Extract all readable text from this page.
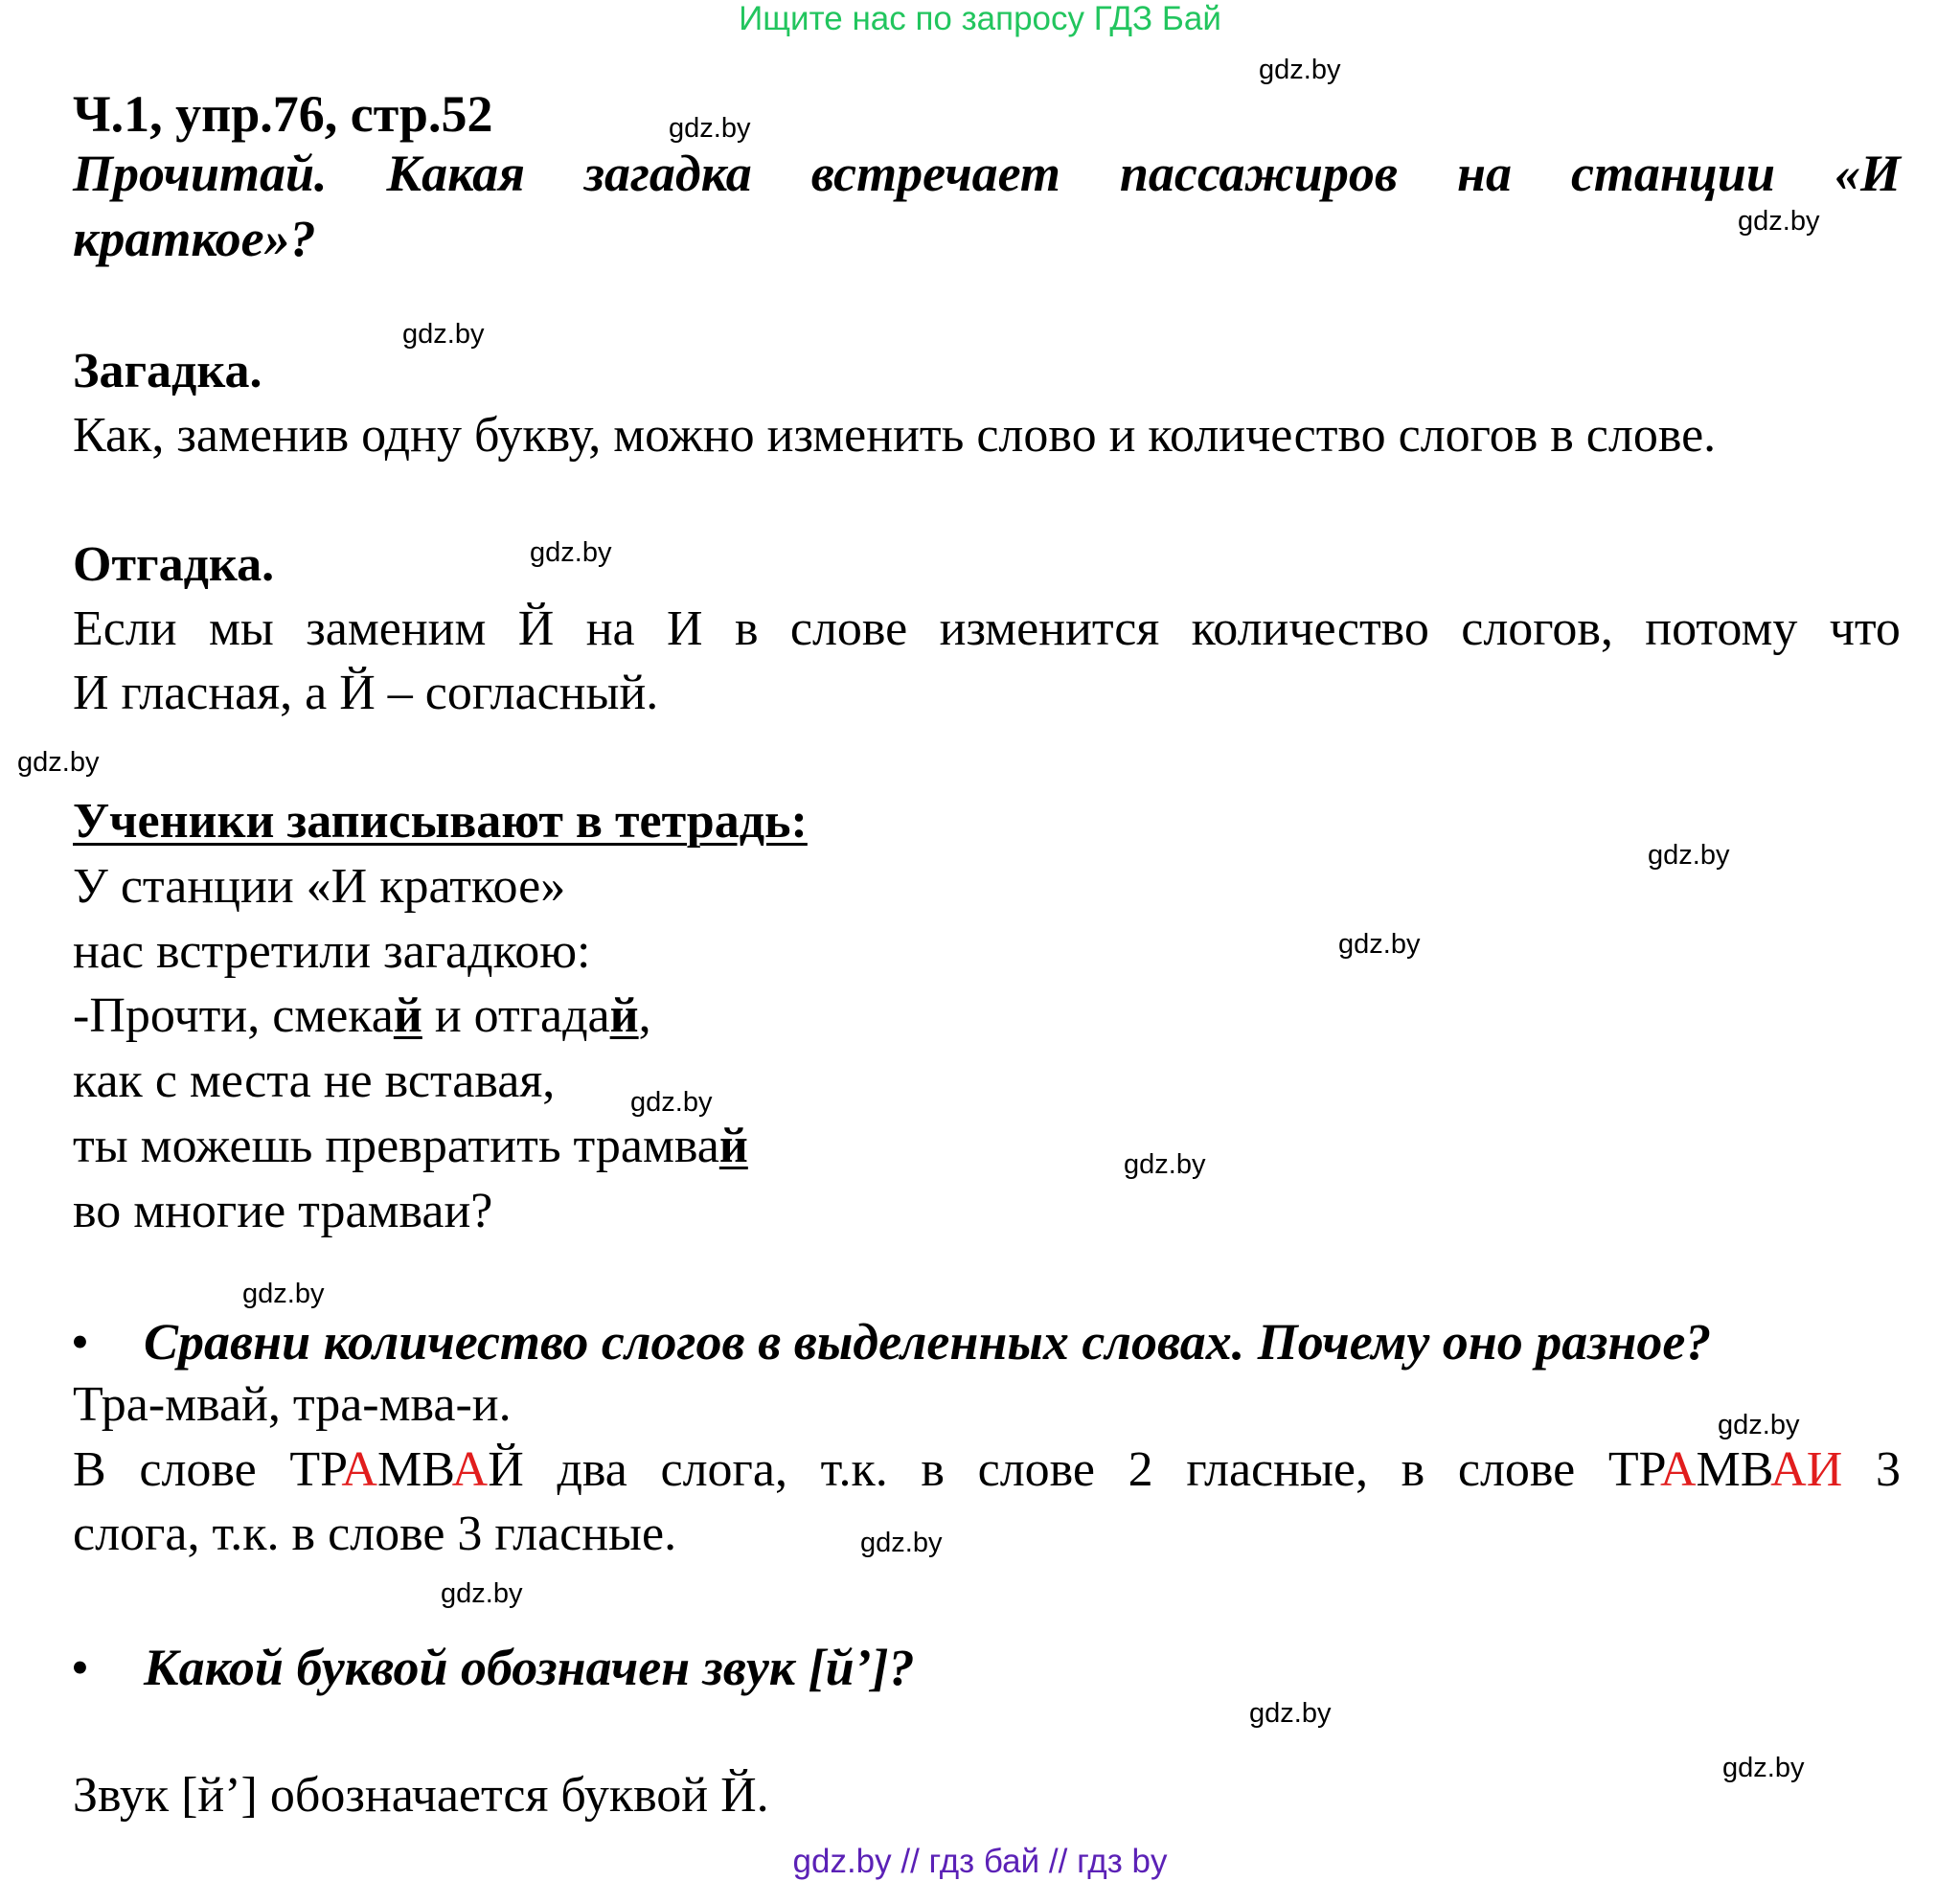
Ищите нас по запросу ГДЗ Бай
gdz.by // гдз бай // гдз by
gdz.by
gdz.by
gdz.by
gdz.by
gdz.by
gdz.by
gdz.by
gdz.by
gdz.by
gdz.by
gdz.by
gdz.by
gdz.by
gdz.by
gdz.by
gdz.by
Ч.1, упр.76, стр.52
Прочитай. Какая загадка встречает пассажиров на станции «И
краткое»?
Загадка.
Как, заменив одну букву, можно изменить слово и количество слогов в слове.
Отгадка.
Если мы заменим Й на И в слове изменится количество слогов, потому что
И гласная, а Й – согласный.
Ученики записывают в тетрадь:
У станции «И краткое»
нас встретили загадкою:
-Прочти, смекай и отгадай,
как с места не вставая,
ты можешь превратить трамвай
во многие трамваи?
• Сравни количество слогов в выделенных словах. Почему оно разное?
Тра-мвай, тра-мва-и.
В слове ТРАМВАЙ два слога, т.к. в слове 2 гласные, в слове ТРАМВАИ 3
слога, т.к. в слове 3 гласные.
• Какой буквой обозначен звук [й’]?
Звук [й’] обозначается буквой Й.
